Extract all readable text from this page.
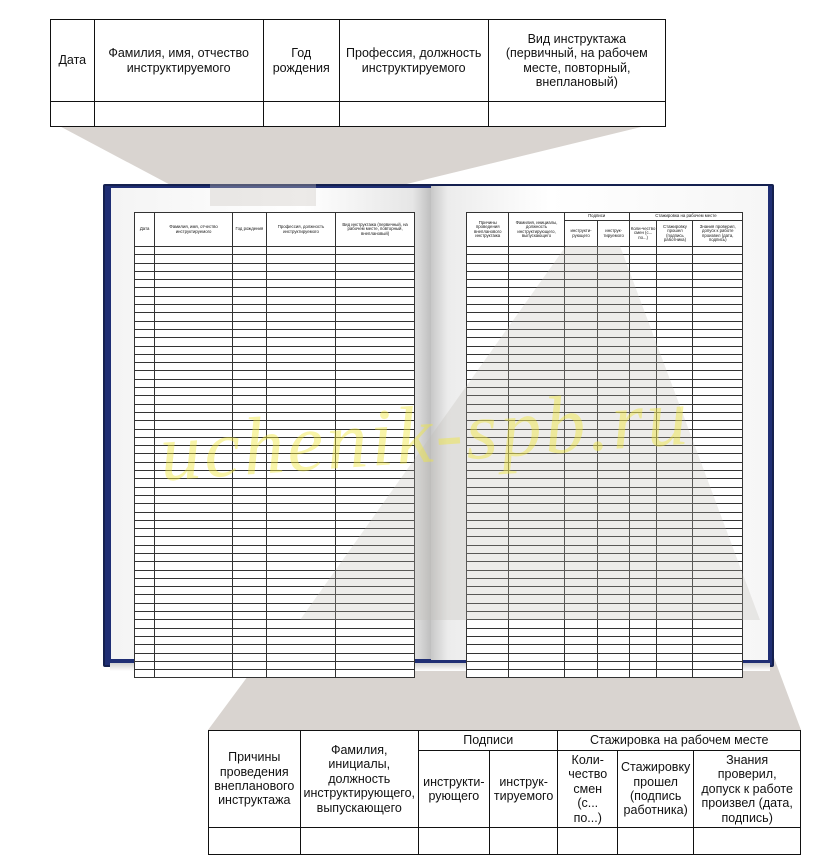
Дата	Фамилия, имя, отчество инструктируемого	Год рождения	Профессия, должность инструктируемого	Вид инструктажа (первичный, на рабочем месте, повторный, внеплановый)

Причины проведения внепланового инструктажа	Фамилия, инициалы, должность инструктирующего, выпускающего	Подписи		Стажировка на рабочем месте		
		инструкти-рующего	инструк-тируемого	Коли-чество смен (с... по...)	Стажировку прошел (подпись работника)	Знания проверил, допуск к работе произвел (дата, подпись)

uchenik-spb.ru
Дата	Фамилия, имя, отчество инструктируемого	Год рождения	Профессия, должность инструктируемого	Вид инструктажа (первичный, на рабочем месте, повторный, внеплановый)

Причины проведения внепланового инструктажа	Фамилия, инициалы, должность инструктирующего, выпускающего	Подписи		Стажировка на рабочем месте		
		инструкти-рующего	инструк-тируемого	Коли-чество смен (с... по...)	Стажировку прошел (подпись работника)	Знания проверил, допуск к работе произвел (дата, подпись)
